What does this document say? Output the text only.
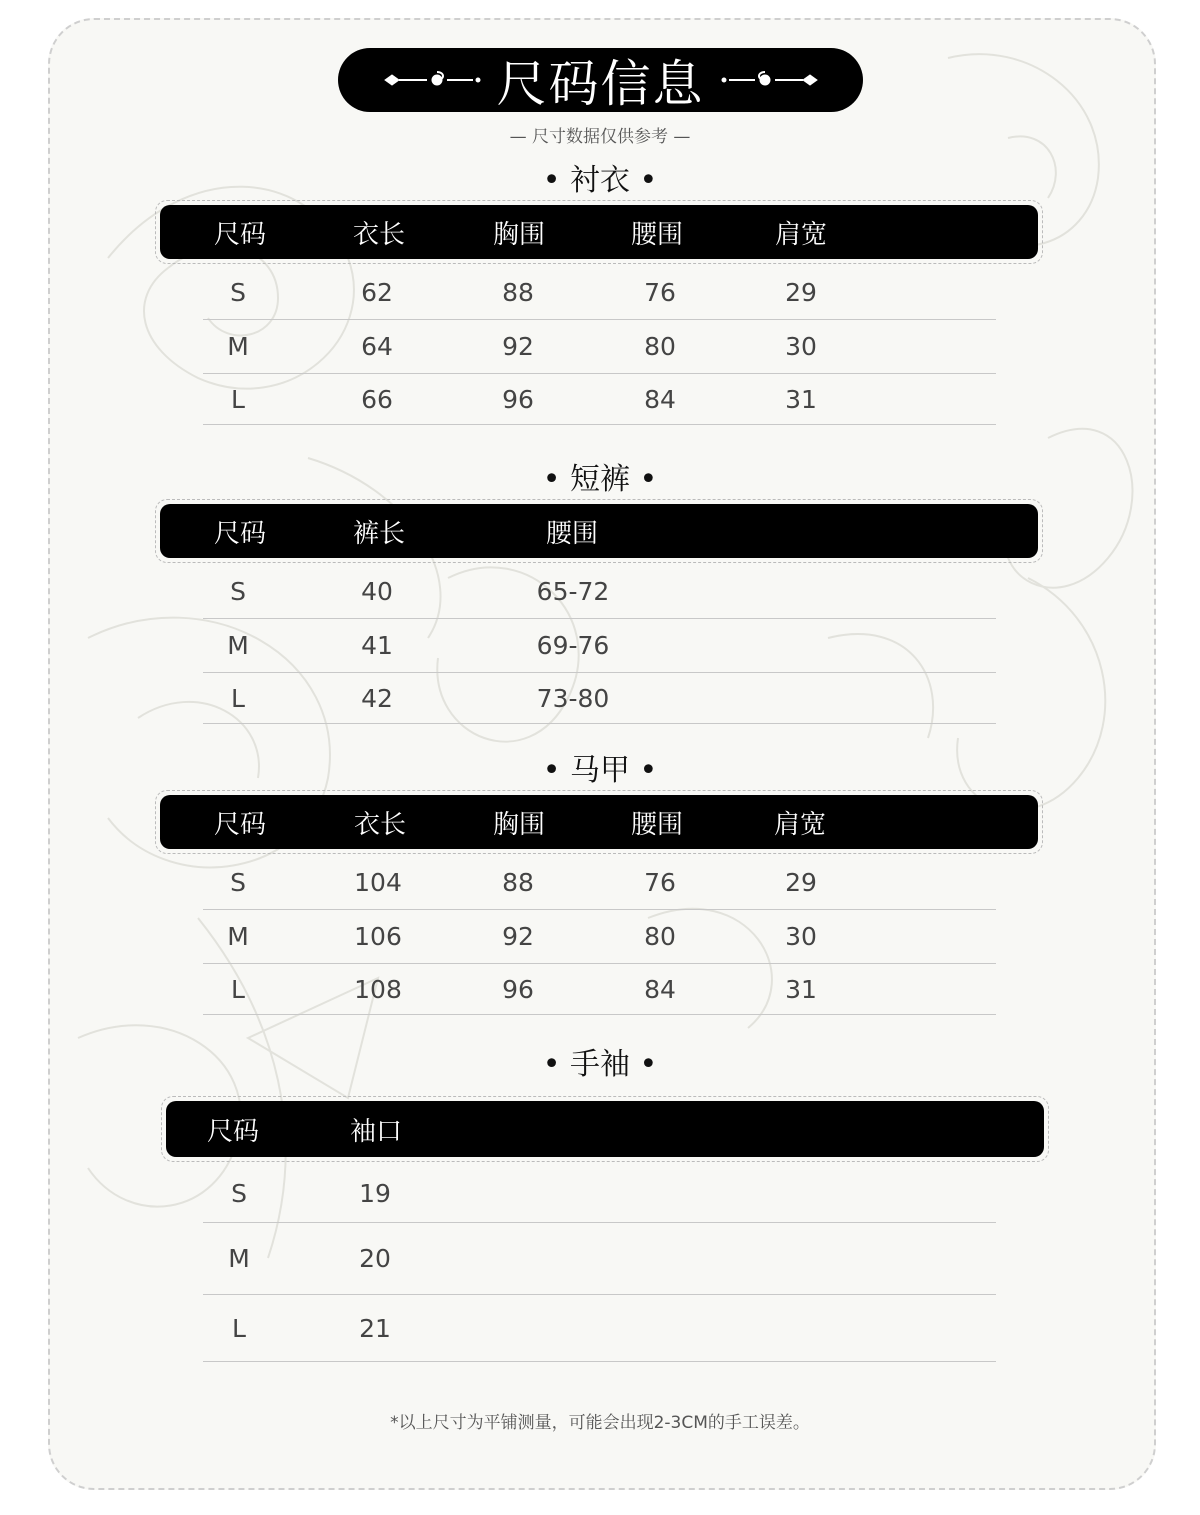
尺码信息
— 尺寸数据仅供参考 —
• 衬衣 •
尺码	衣长	胸围	腰围	肩宽
S	62	88	76	29
M	64	92	80	30
L	66	96	84	31
• 短裤 •
尺码	裤长	腰围
S	40	65-72
M	41	69-76
L	42	73-80
• 马甲 •
尺码	衣长	胸围	腰围	肩宽
S	104	88	76	29
M	106	92	80	30
L	108	96	84	31
• 手袖 •
尺码	袖口
S	19
M	20
L	21
*以上尺寸为平铺测量，可能会出现2-3CM的手工误差。
